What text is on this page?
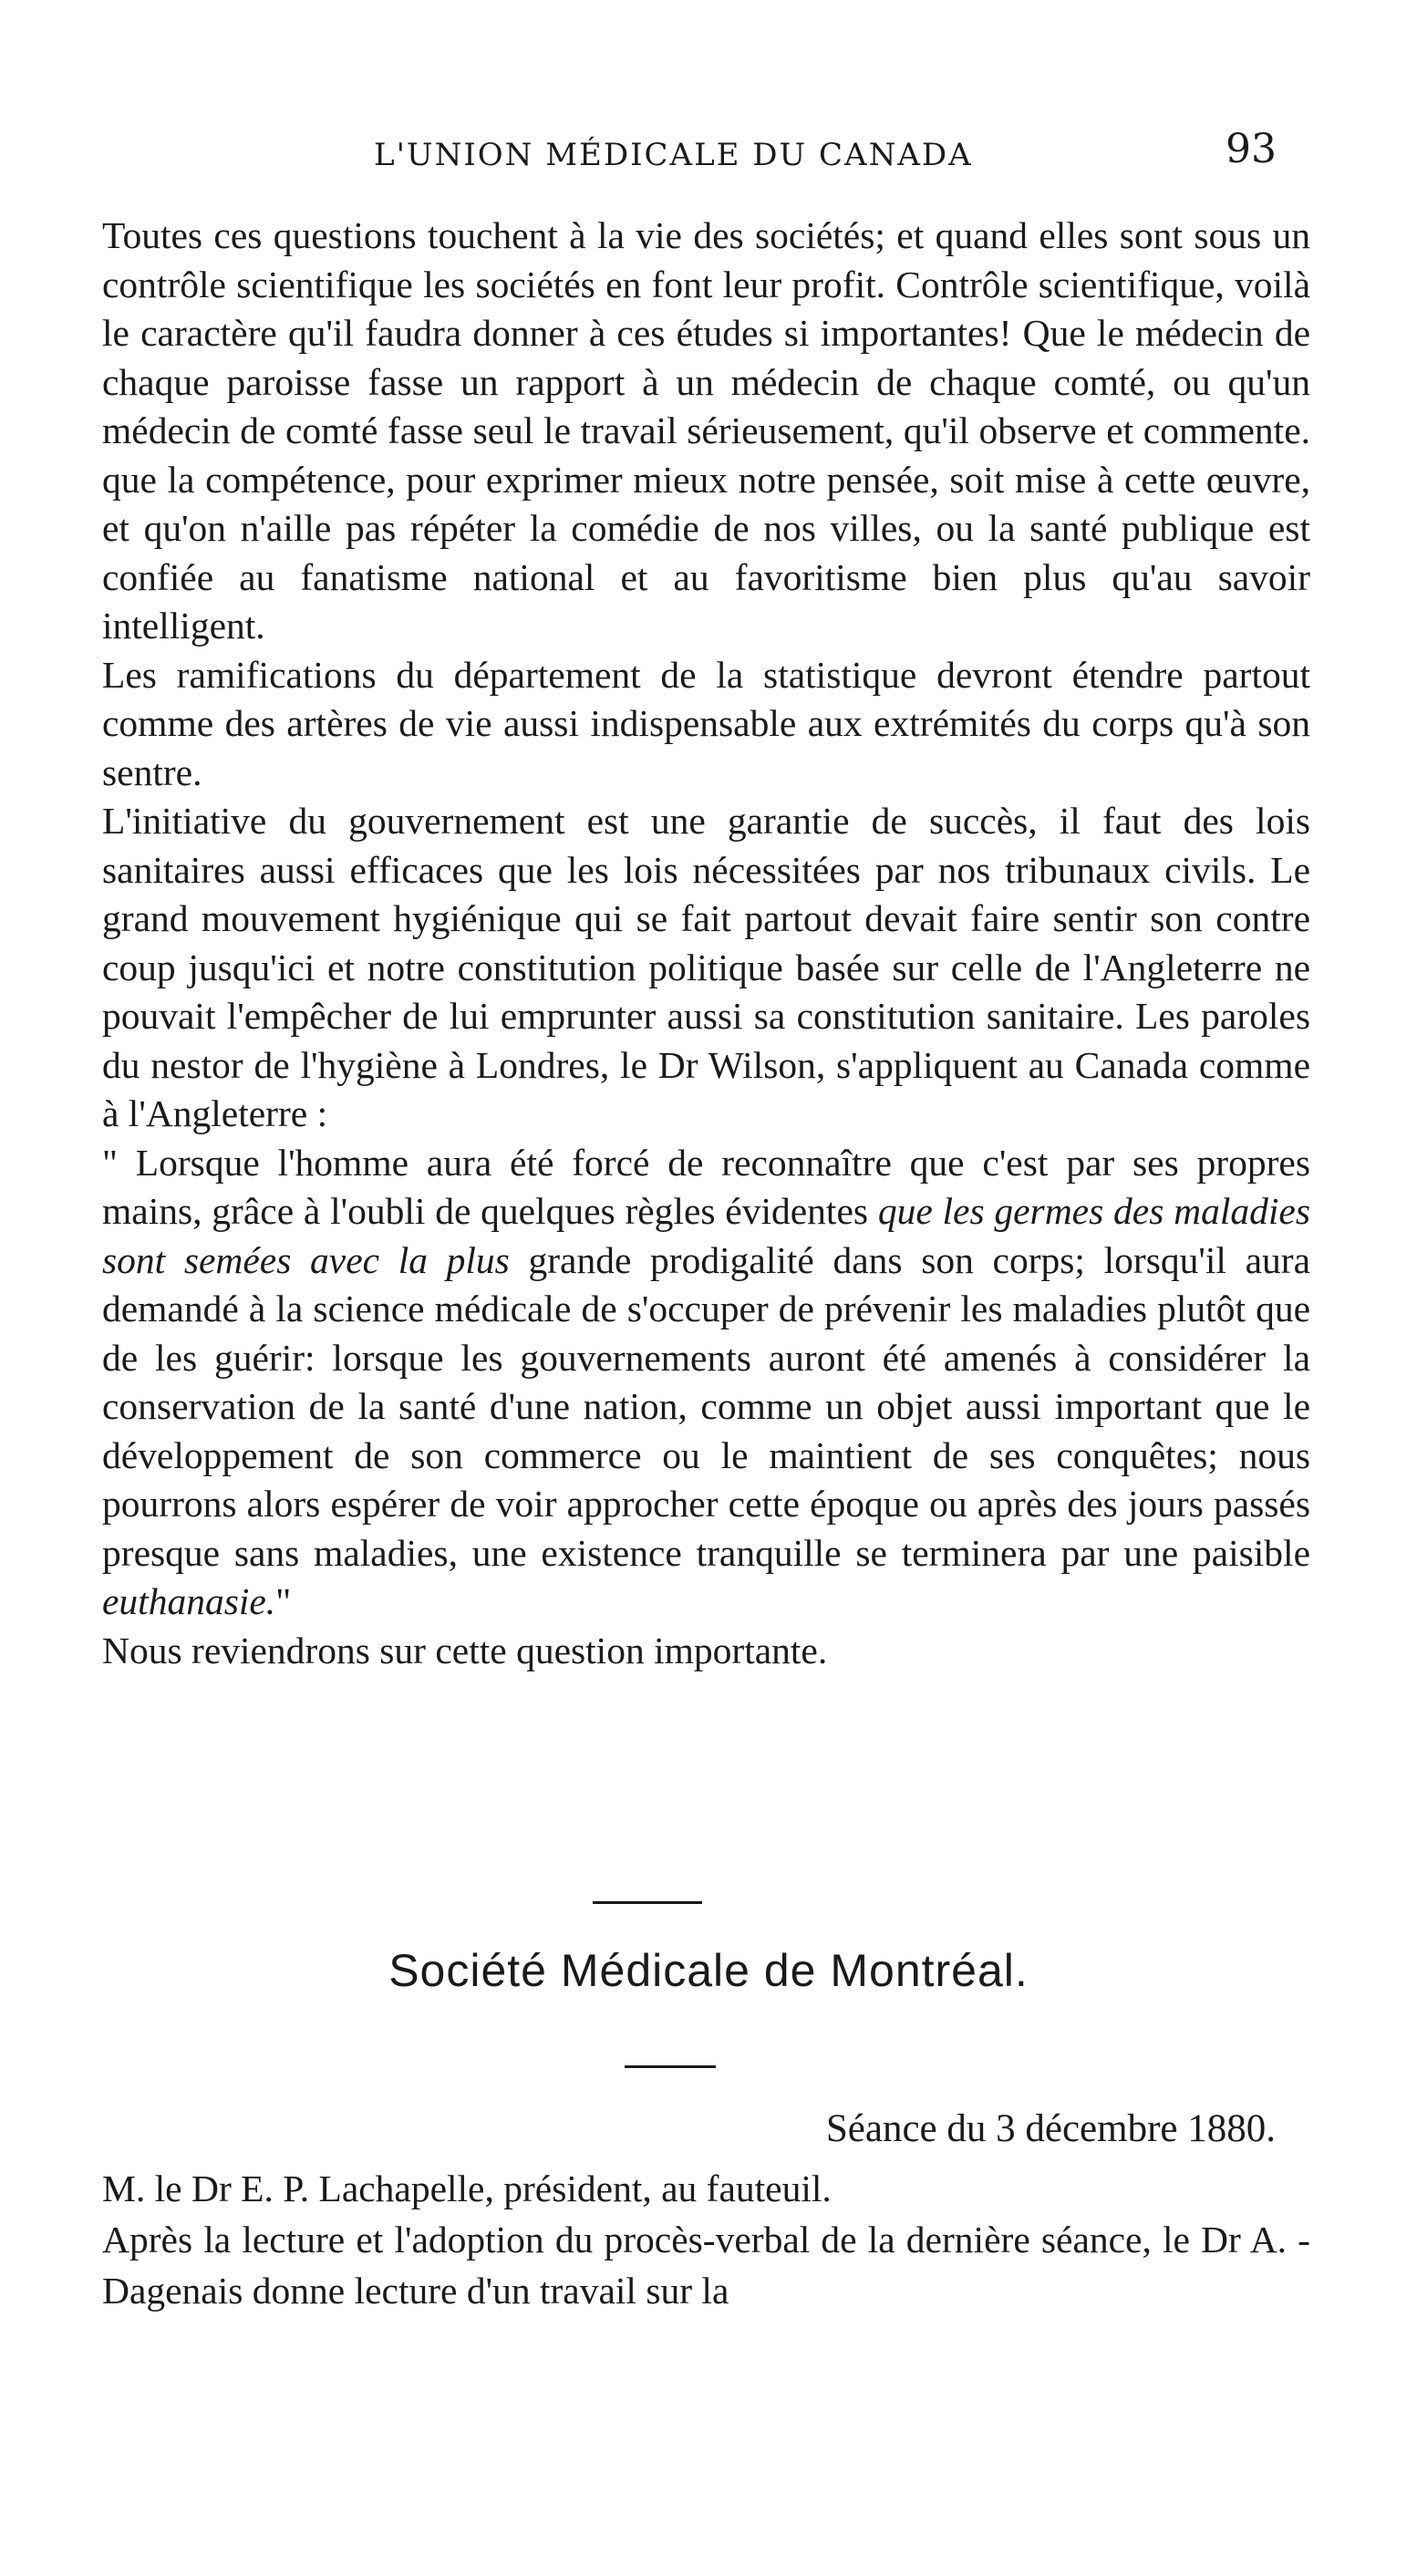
L'UNION MÉDICALE DU CANADA	93

Toutes ces questions touchent à la vie des sociétés; et quand elles sont sous un contrôle scientifique les sociétés en font leur profit. Contrôle scientifique, voilà le caractère qu'il faudra donner à ces études si importantes! Que le médecin de chaque paroisse fasse un rapport à un médecin de chaque comté, ou qu'un médecin de comté fasse seul le travail sérieusement, qu'il observe et commente. que la compétence, pour exprimer mieux notre pensée, soit mise à cette œuvre, et qu'on n'aille pas répéter la comédie de nos villes, ou la santé publique est confiée au fanatisme national et au favoritisme bien plus qu'au savoir intelligent.

Les ramifications du département de la statistique devront étendre partout comme des artères de vie aussi indispensable aux extrémités du corps qu'à son sentre.

L'initiative du gouvernement est une garantie de succès, il faut des lois sanitaires aussi efficaces que les lois nécessitées par nos tribunaux civils. Le grand mouvement hygiénique qui se fait partout devait faire sentir son contre coup jusqu'ici et notre constitution politique basée sur celle de l'Angleterre ne pouvait l'empêcher de lui emprunter aussi sa constitution sanitaire. Les paroles du nestor de l'hygiène à Londres, le Dr Wilson, s'appliquent au Canada comme à l'Angleterre :

" Lorsque l'homme aura été forcé de reconnaître que c'est par ses propres mains, grâce à l'oubli de quelques règles évidentes que les germes des maladies sont semées avec la plus grande prodigalité dans son corps; lorsqu'il aura demandé à la science médicale de s'occuper de prévenir les maladies plutôt que de les guérir: lorsque les gouvernements auront été amenés à considérer la conservation de la santé d'une nation, comme un objet aussi important que le développement de son commerce ou le maintient de ses conquêtes; nous pourrons alors espérer de voir approcher cette époque ou après des jours passés presque sans maladies, une existence tranquille se terminera par une paisible euthanasie."

Nous reviendrons sur cette question importante.

Société Médicale de Montréal.
Séance du 3 décembre 1880.

M. le Dr E. P. Lachapelle, président, au fauteuil.

Après la lecture et l'adoption du procès-verbal de la dernière séance, le Dr A. -Dagenais donne lecture d'un travail sur la
